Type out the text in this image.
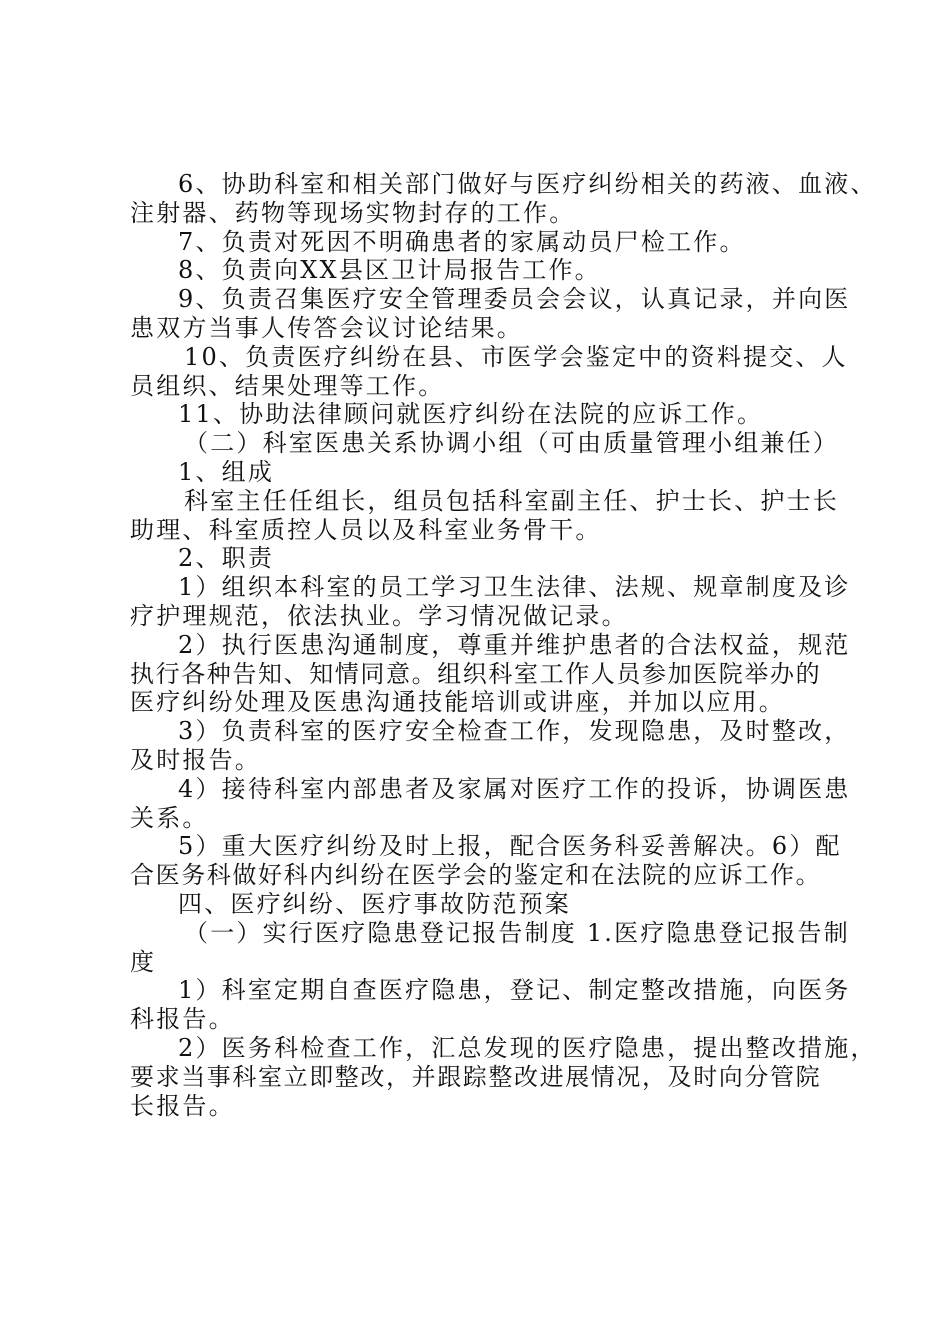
6、协助科室和相关部门做好与医疗纠纷相关的药液、血液、
注射器、药物等现场实物封存的工作。
7、负责对死因不明确患者的家属动员尸检工作。
8、负责向XX县区卫计局报告工作。
9、负责召集医疗安全管理委员会会议，认真记录，并向医
患双方当事人传答会议讨论结果。
10、负责医疗纠纷在县、市医学会鉴定中的资料提交、人
员组织、结果处理等工作。
11、协助法律顾问就医疗纠纷在法院的应诉工作。
（二）科室医患关系协调小组（可由质量管理小组兼任）
1、组成
科室主任任组长，组员包括科室副主任、护士长、护士长
助理、科室质控人员以及科室业务骨干。
2、职责
1）组织本科室的员工学习卫生法律、法规、规章制度及诊
疗护理规范，依法执业。学习情况做记录。
2）执行医患沟通制度，尊重并维护患者的合法权益，规范
执行各种告知、知情同意。组织科室工作人员参加医院举办的
医疗纠纷处理及医患沟通技能培训或讲座，并加以应用。
3）负责科室的医疗安全检查工作，发现隐患，及时整改，
及时报告。
4）接待科室内部患者及家属对医疗工作的投诉，协调医患
关系。
5）重大医疗纠纷及时上报，配合医务科妥善解决。6）配
合医务科做好科内纠纷在医学会的鉴定和在法院的应诉工作。
四、医疗纠纷、医疗事故防范预案
（一）实行医疗隐患登记报告制度 1.医疗隐患登记报告制
度
1）科室定期自查医疗隐患，登记、制定整改措施，向医务
科报告。
2）医务科检查工作，汇总发现的医疗隐患，提出整改措施，
要求当事科室立即整改，并跟踪整改进展情况，及时向分管院
长报告。
